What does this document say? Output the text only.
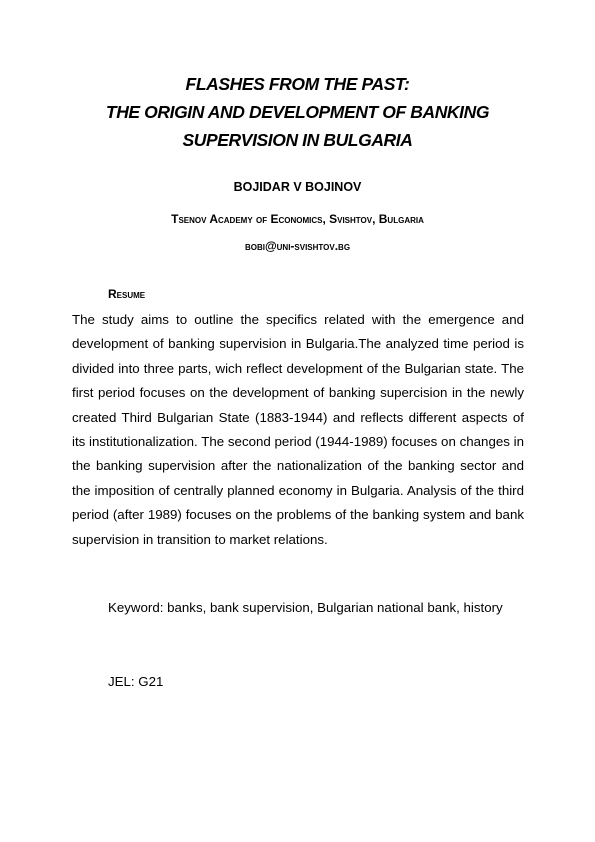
FLASHES FROM THE PAST:
THE ORIGIN AND DEVELOPMENT OF BANKING
SUPERVISION IN BULGARIA
BOJIDAR V BOJINOV
Tsenov Academy of Economics, Svishtov, Bulgaria
bobi@uni-svishtov.bg
Resume

The study aims to outline the specifics related with the emergence and development of banking supervision in Bulgaria.The analyzed time period is divided into three parts, wich reflect development of the Bulgarian state. The first period focuses on the development of banking supercision in the newly created Third Bulgarian State (1883-1944) and reflects different aspects of its institutionalization. The second period (1944-1989) focuses on changes in the banking supervision after the nationalization of the banking sector and the imposition of centrally planned economy in Bulgaria. Analysis of the third period (after 1989) focuses on the problems of the banking system and bank supervision in transition to market relations.

Keyword: banks, bank supervision, Bulgarian national bank, history

JEL: G21
